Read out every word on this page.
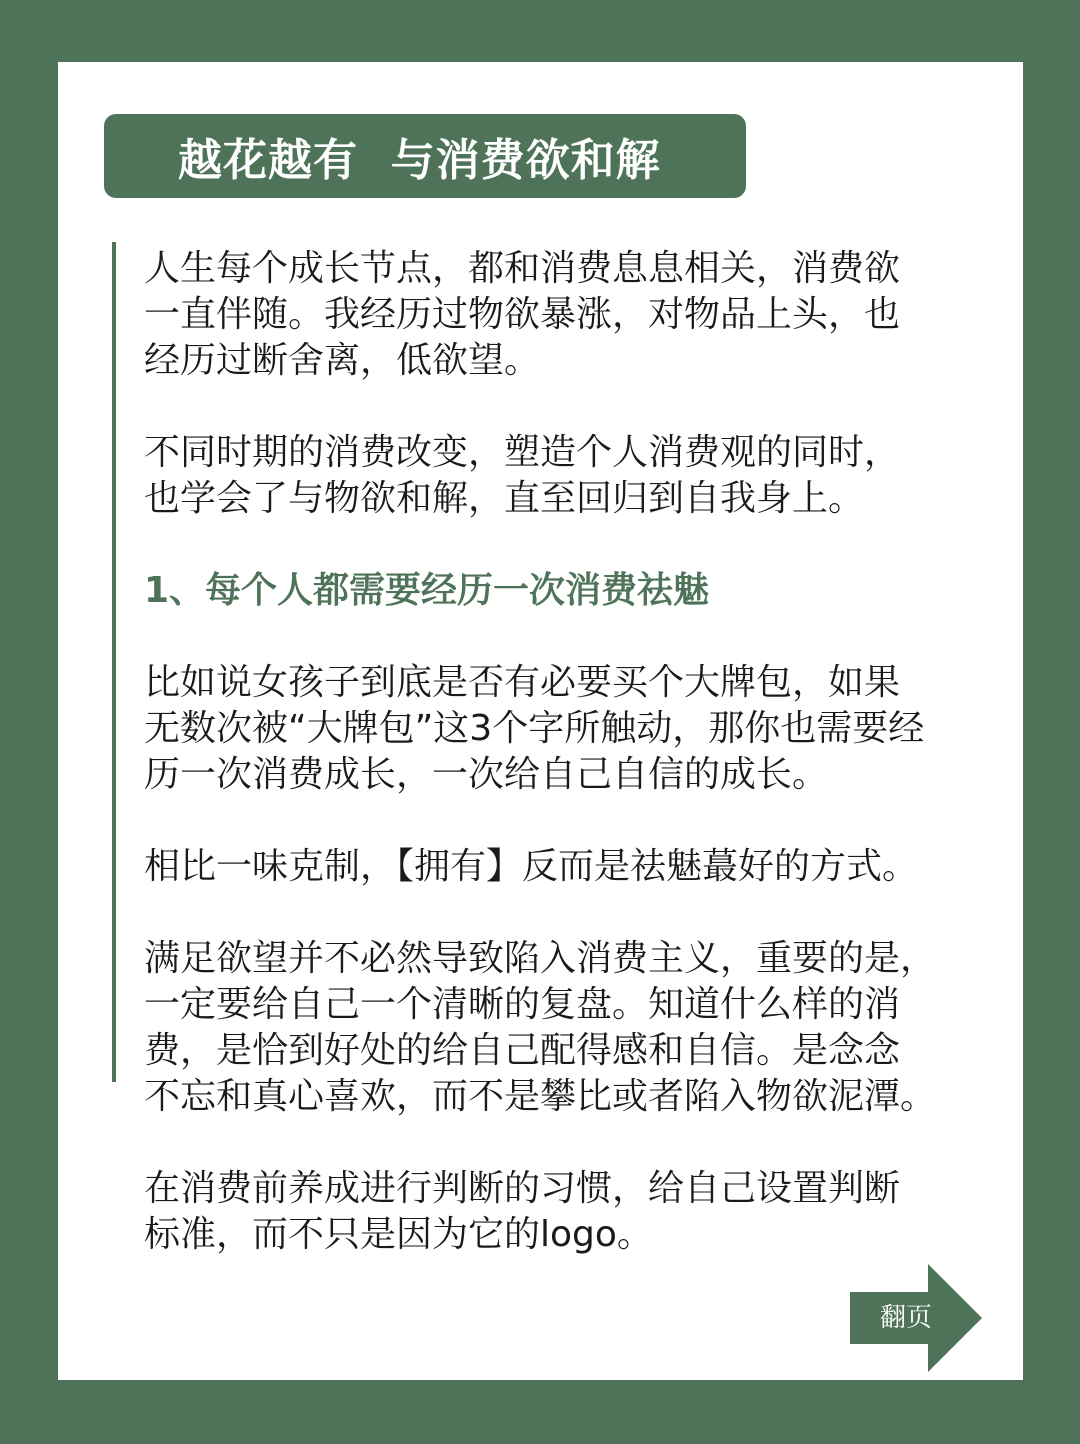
越花越有  与消费欲和解

人生每个成长节点，都和消费息息相关，消费欲
一直伴随。我经历过物欲暴涨，对物品上头，也
经历过断舍离，低欲望。

不同时期的消费改变，塑造个人消费观的同时，
也学会了与物欲和解，直至回归到自我身上。

1、每个人都需要经历一次消费祛魅

比如说女孩子到底是否有必要买个大牌包，如果
无数次被“大牌包”这3个字所触动，那你也需要经
历一次消费成长，一次给自己自信的成长。

相比一味克制，【拥有】反而是祛魅蕞好的方式。

满足欲望并不必然导致陷入消费主义，重要的是，
一定要给自己一个清晰的复盘。知道什么样的消
费，是恰到好处的给自己配得感和自信。是念念
不忘和真心喜欢，而不是攀比或者陷入物欲泥潭。

在消费前养成进行判断的习惯，给自己设置判断
标准，而不只是因为它的logo。

翻页
